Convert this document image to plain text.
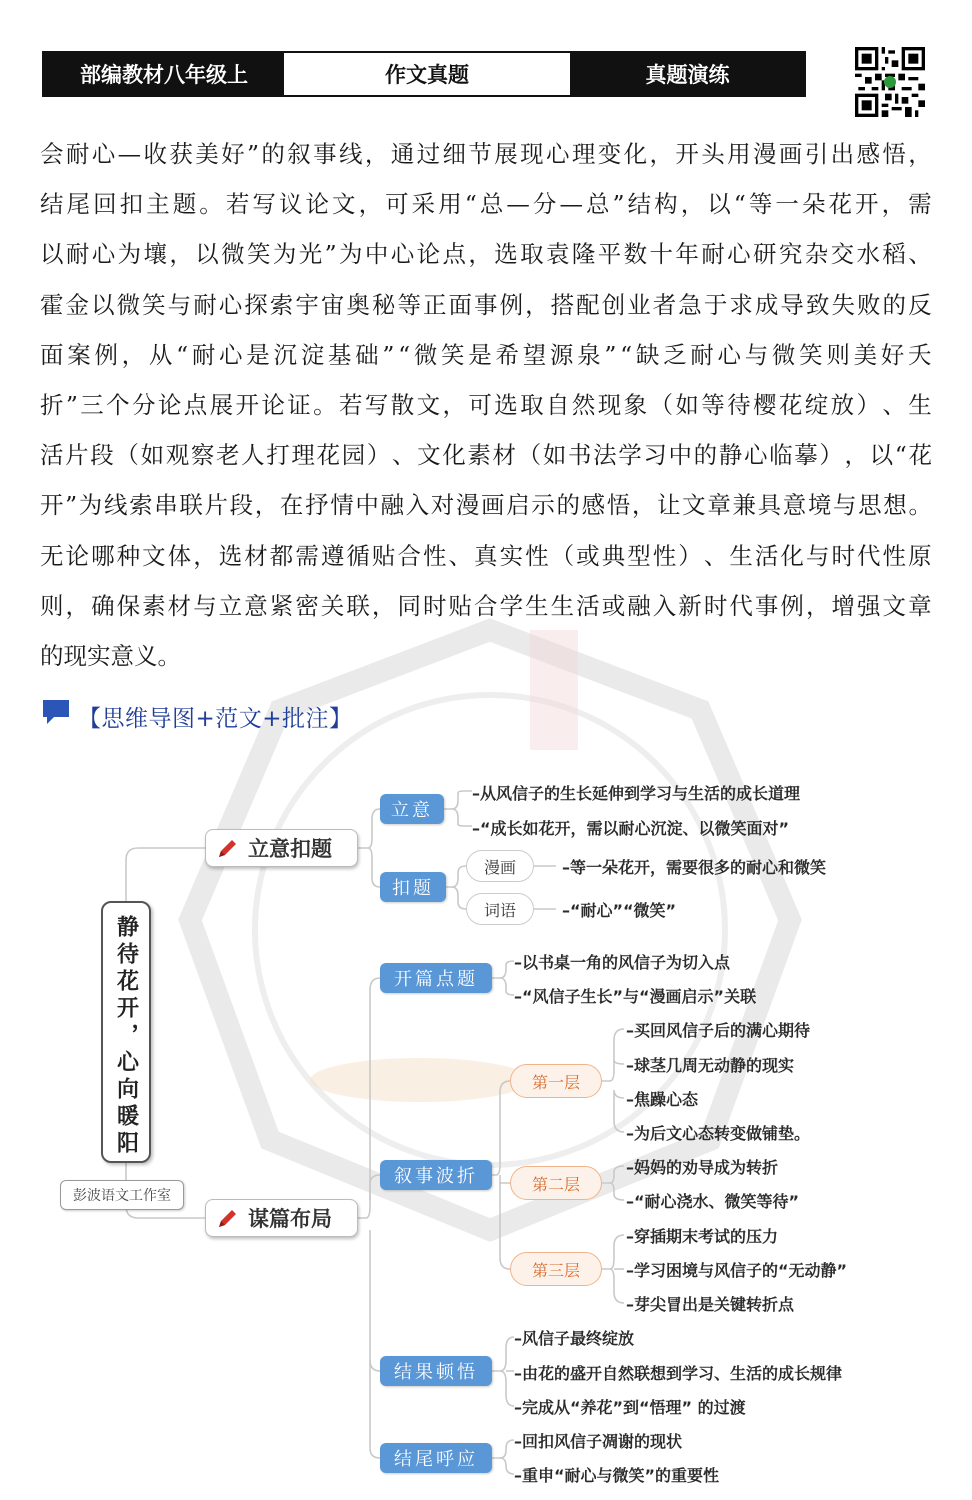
部编教材八年级上	作文真题	真题演练
会 耐 心 — 收 获 美 好 ” 的 叙 事 线 ， 通 过 细 节 展 现 心 理 变 化 ， 开 头 用 漫 画 引 出 感 悟 ，
结 尾 回 扣 主 题 。 若 写 议 论 文 ， 可 采 用 “ 总 — 分 — 总 ” 结 构 ， 以 “ 等 一 朵 花 开 ， 需
以 耐 心 为 壤 ， 以 微 笑 为 光 ” 为 中 心 论 点 ， 选 取 袁 隆 平 数 十 年 耐 心 研 究 杂 交 水 稻 、
霍 金 以 微 笑 与 耐 心 探 索 宇 宙 奥 秘 等 正 面 事 例 ， 搭 配 创 业 者 急 于 求 成 导 致 失 败 的 反
面 案 例 ， 从 “ 耐 心 是 沉 淀 基 础 ” “ 微 笑 是 希 望 源 泉 ” “ 缺 乏 耐 心 与 微 笑 则 美 好 夭
折 ” 三 个 分 论 点 展 开 论 证 。 若 写 散 文 ， 可 选 取 自 然 现 象 （ 如 等 待 樱 花 绽 放 ） 、 生
活 片 段 （ 如 观 察 老 人 打 理 花 园 ） 、 文 化 素 材 （ 如 书 法 学 习 中 的 静 心 临 摹 ） ， 以 “ 花
开 ” 为 线 索 串 联 片 段 ， 在 抒 情 中 融 入 对 漫 画 启 示 的 感 悟 ， 让 文 章 兼 具 意 境 与 思 想 。
无 论 哪 种 文 体 ， 选 材 都 需 遵 循 贴 合 性 、 真 实 性 （ 或 典 型 性 ） 、 生 活 化 与 时 代 性 原
则 ， 确 保 素 材 与 立 意 紧 密 关 联 ， 同 时 贴 合 学 生 生 活 或 融 入 新 时 代 事 例 ， 增 强 文 章
的现实意义。
【思维导图+范文+批注】
静待花开，心向暖阳
彭波语文工作室
立意扣题
谋篇布局
立意
扣题
–从风信子的生长延伸到学习与生活的成长道理
–“成长如花开，需以耐心沉淀、以微笑面对”
漫画
词语
–等一朵花开，需要很多的耐心和微笑
–“耐心”“微笑”
开篇点题
叙事波折
结果顿悟
结尾呼应
–以书桌一角的风信子为切入点
–“风信子生长”与“漫画启示”关联
第一层
第二层
第三层
–买回风信子后的满心期待
–球茎几周无动静的现实
–焦躁心态
–为后文心态转变做铺垫。
–妈妈的劝导成为转折
–“耐心浇水、微笑等待”
–穿插期末考试的压力
–学习困境与风信子的“无动静”
–芽尖冒出是关键转折点
–风信子最终绽放
–由花的盛开自然联想到学习、生活的成长规律
–完成从“养花”到“悟理” 的过渡
–回扣风信子凋谢的现状
–重申“耐心与微笑”的重要性
